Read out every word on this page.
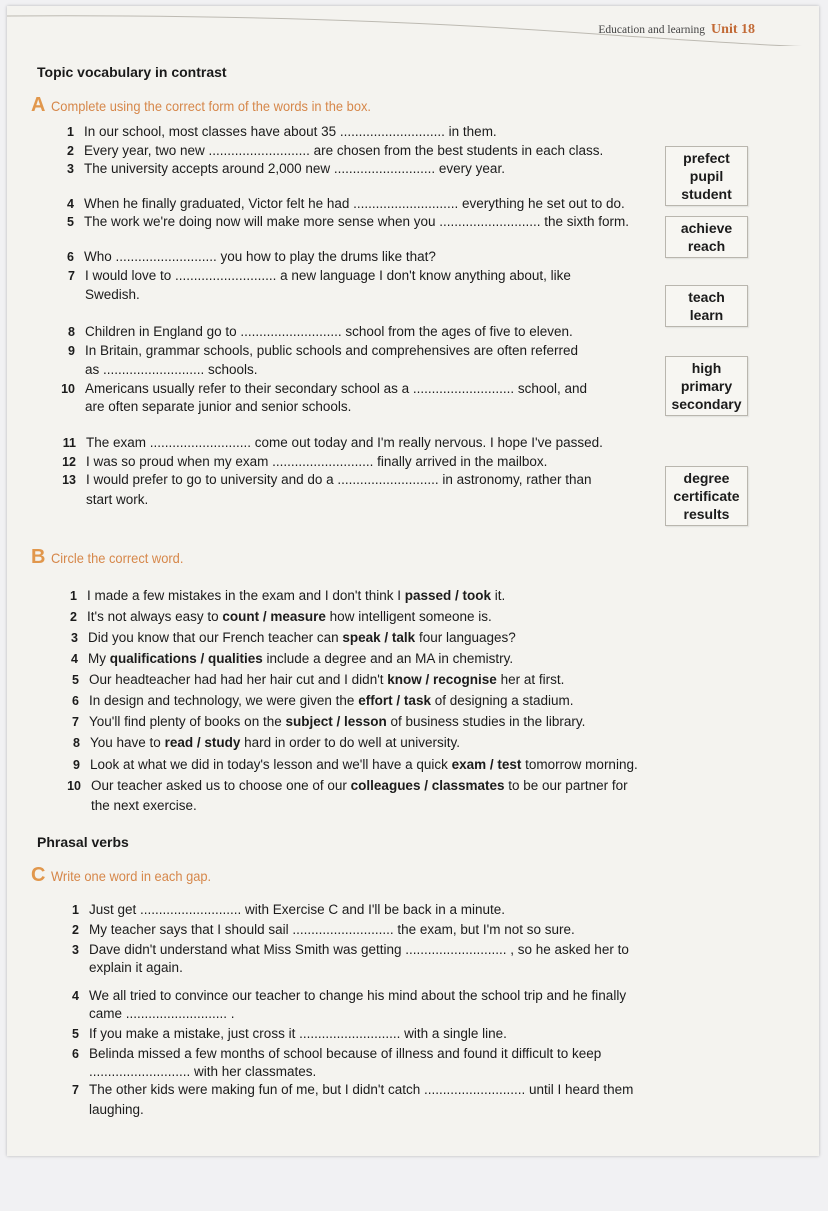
Education and learning Unit 18
Topic vocabulary in contrast
A Complete using the correct form of the words in the box.
1 In our school, most classes have about 35 ............................ in them.
2 Every year, two new ........................... are chosen from the best students in each class.
3 The university accepts around 2,000 new ........................... every year.
4 When he finally graduated, Victor felt he had ............................ everything he set out to do.
5 The work we're doing now will make more sense when you ........................... the sixth form.
6 Who ........................... you how to play the drums like that?
7 I would love to ........................... a new language I don't know anything about, like
Swedish.
8 Children in England go to ........................... school from the ages of five to eleven.
9 In Britain, grammar schools, public schools and comprehensives are often referred
as ........................... schools.
10 Americans usually refer to their secondary school as a ........................... school, and
are often separate junior and senior schools.
11 The exam ........................... come out today and I'm really nervous. I hope I've passed.
12 I was so proud when my exam ........................... finally arrived in the mailbox.
13 I would prefer to go to university and do a ........................... in astronomy, rather than
start work.
prefect
pupil
student
achieve
reach
teach
learn
high
primary
secondary
degree
certificate
results
B Circle the correct word.
1 I made a few mistakes in the exam and I don't think I passed / took it.
2 It's not always easy to count / measure how intelligent someone is.
3 Did you know that our French teacher can speak / talk four languages?
4 My qualifications / qualities include a degree and an MA in chemistry.
5 Our headteacher had had her hair cut and I didn't know / recognise her at first.
6 In design and technology, we were given the effort / task of designing a stadium.
7 You'll find plenty of books on the subject / lesson of business studies in the library.
8 You have to read / study hard in order to do well at university.
9 Look at what we did in today's lesson and we'll have a quick exam / test tomorrow morning.
10 Our teacher asked us to choose one of our colleagues / classmates to be our partner for
the next exercise.
Phrasal verbs
C Write one word in each gap.
1 Just get ........................... with Exercise C and I'll be back in a minute.
2 My teacher says that I should sail ........................... the exam, but I'm not so sure.
3 Dave didn't understand what Miss Smith was getting ........................... , so he asked her to
explain it again.
4 We all tried to convince our teacher to change his mind about the school trip and he finally
came ........................... .
5 If you make a mistake, just cross it ........................... with a single line.
6 Belinda missed a few months of school because of illness and found it difficult to keep
........................... with her classmates.
7 The other kids were making fun of me, but I didn't catch ........................... until I heard them
laughing.
